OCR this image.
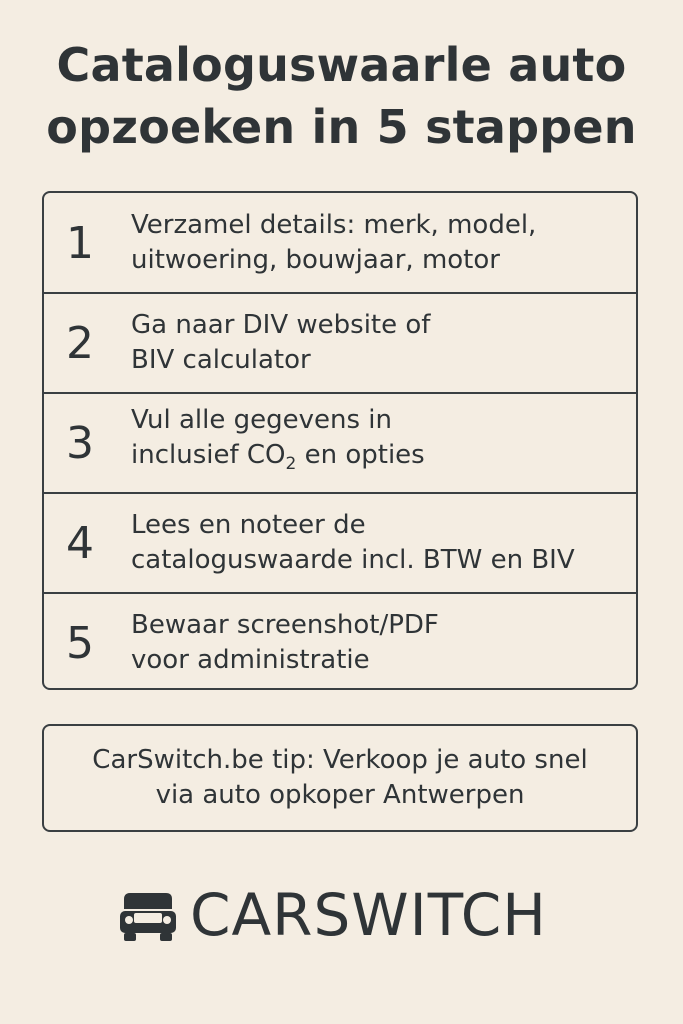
Cataloguswaarle auto
opzoeken in 5 stappen
1 Verzamel details: merk, model,
uitwoering, bouwjaar, motor
2 Ga naar DIV website of
BIV calculator
3 Vul alle gegevens in
inclusief $CO_2$ en opties
4 Lees en noteer de
cataloguswaarde incl. BTW en BIV
5 Bewaar screenshot/PDF
voor administratie
CarSwitch.be tip: Verkoop je auto snel
via auto opkoper Antwerpen
CARSWITCH
